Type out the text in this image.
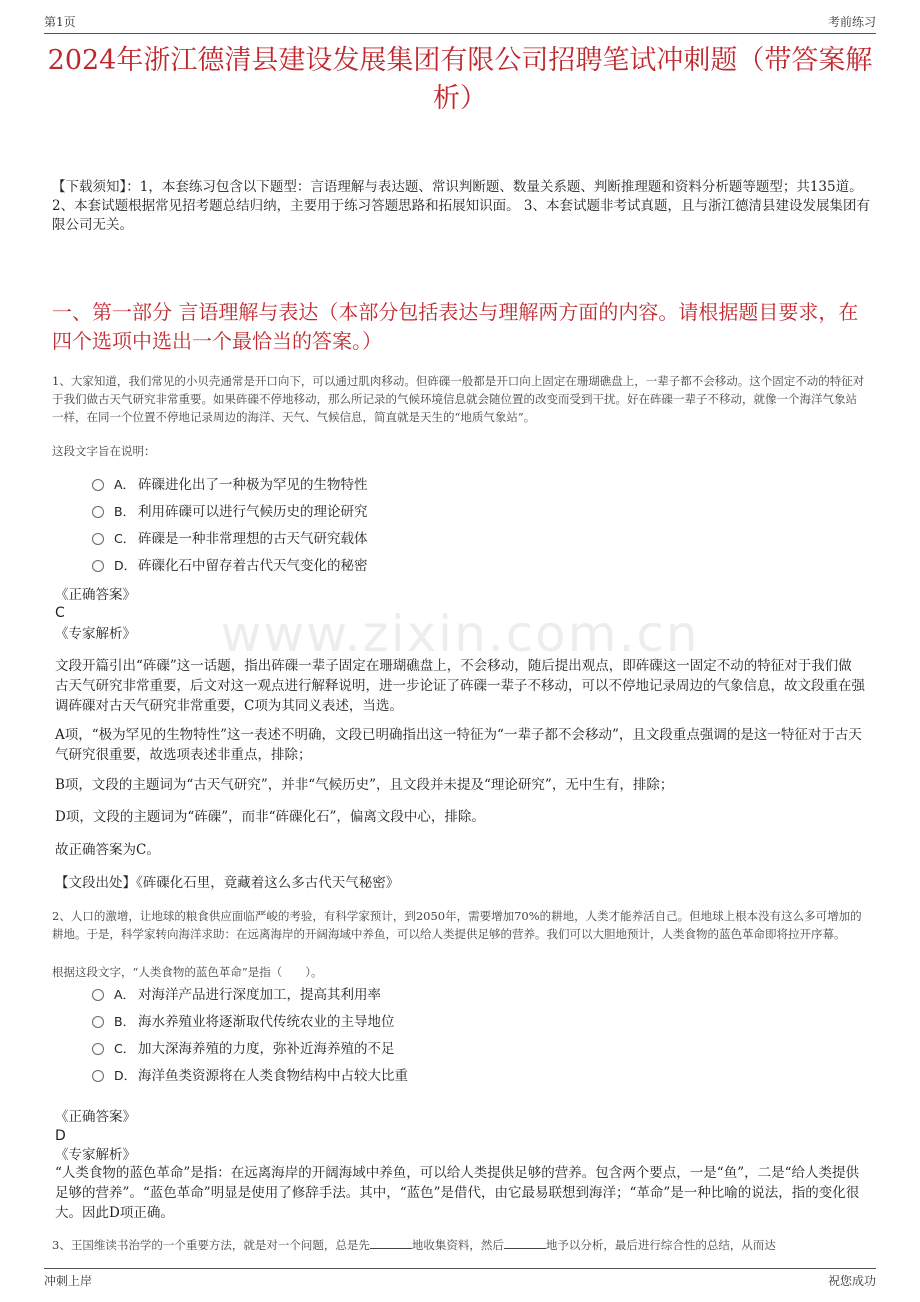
第1页	考前练习
2024年浙江德清县建设发展集团有限公司招聘笔试冲刺题（带答案解析）
【下载须知】：1，本套练习包含以下题型：言语理解与表达题、常识判断题、数量关系题、判断推理题和资料分析题等题型；共135道。 2、本套试题根据常见招考题总结归纳，主要用于练习答题思路和拓展知识面。 3、本套试题非考试真题，且与浙江德清县建设发展集团有限公司无关。
一、第一部分 言语理解与表达（本部分包括表达与理解两方面的内容。请根据题目要求，在四个选项中选出一个最恰当的答案。）
1、大家知道，我们常见的小贝壳通常是开口向下，可以通过肌肉移动。但砗磲一般都是开口向上固定在珊瑚礁盘上，一辈子都不会移动。这个固定不动的特征对于我们做古天气研究非常重要。如果砗磲不停地移动，那么所记录的气候环境信息就会随位置的改变而受到干扰。好在砗磲一辈子不移动，就像一个海洋气象站一样，在同一个位置不停地记录周边的海洋、天气、气候信息，简直就是天生的“地质气象站”。
这段文字旨在说明：
A． 砗磲进化出了一种极为罕见的生物特性
B． 利用砗磲可以进行气候历史的理论研究
C． 砗磲是一种非常理想的古天气研究载体
D． 砗磲化石中留存着古代天气变化的秘密
《正确答案》
C
《专家解析》	www.zixin.com.cn
文段开篇引出“砗磲”这一话题，指出砗磲一辈子固定在珊瑚礁盘上，不会移动，随后提出观点，即砗磲这一固定不动的特征对于我们做古天气研究非常重要，后文对这一观点进行解释说明，进一步论证了砗磲一辈子不移动，可以不停地记录周边的气象信息，故文段重在强调砗磲对古天气研究非常重要，C项为其同义表述，当选。
A项，“极为罕见的生物特性”这一表述不明确，文段已明确指出这一特征为“一辈子都不会移动”，且文段重点强调的是这一特征对于古天气研究很重要，故选项表述非重点，排除；
B项，文段的主题词为“古天气研究”，并非“气候历史”，且文段并未提及“理论研究”，无中生有，排除；
D项，文段的主题词为“砗磲”，而非“砗磲化石”，偏离文段中心，排除。
故正确答案为C。
【文段出处】《砗磲化石里，竟藏着这么多古代天气秘密》
2、人口的激增，让地球的粮食供应面临严峻的考验，有科学家预计，到2050年，需要增加70%的耕地，人类才能养活自己。但地球上根本没有这么多可增加的耕地。于是，科学家转向海洋求助：在远离海岸的开阔海域中养鱼，可以给人类提供足够的营养。我们可以大胆地预计，人类食物的蓝色革命即将拉开序幕。
根据这段文字，“人类食物的蓝色革命”是指（　　）。
A． 对海洋产品进行深度加工，提高其利用率
B． 海水养殖业将逐渐取代传统农业的主导地位
C． 加大深海养殖的力度，弥补近海养殖的不足
D． 海洋鱼类资源将在人类食物结构中占较大比重
《正确答案》
D
《专家解析》
“人类食物的蓝色革命”是指：在远离海岸的开阔海域中养鱼，可以给人类提供足够的营养。包含两个要点，一是“鱼”，二是“给人类提供足够的营养”。“蓝色革命”明显是使用了修辞手法。其中，“蓝色”是借代，由它最易联想到海洋；“革命”是一种比喻的说法，指的变化很大。因此D项正确。
3、王国维读书治学的一个重要方法，就是对一个问题，总是先	地收集资料，然后	地予以分析，最后进行综合性的总结，从而达
冲刺上岸	祝您成功
